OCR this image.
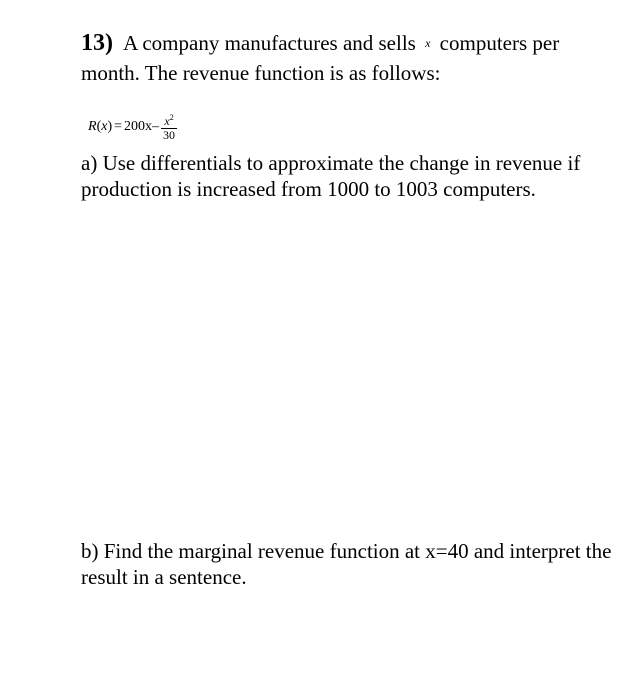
13) A company manufactures and sells x computers per
month. The revenue function is as follows:
R ( x ) = $200x - \frac{x^2}{30}$
a) Use differentials to approximate the change in revenue if
production is increased from 1000 to 1003 computers.
b) Find the marginal revenue function at x=40 and interpret the
result in a sentence.
